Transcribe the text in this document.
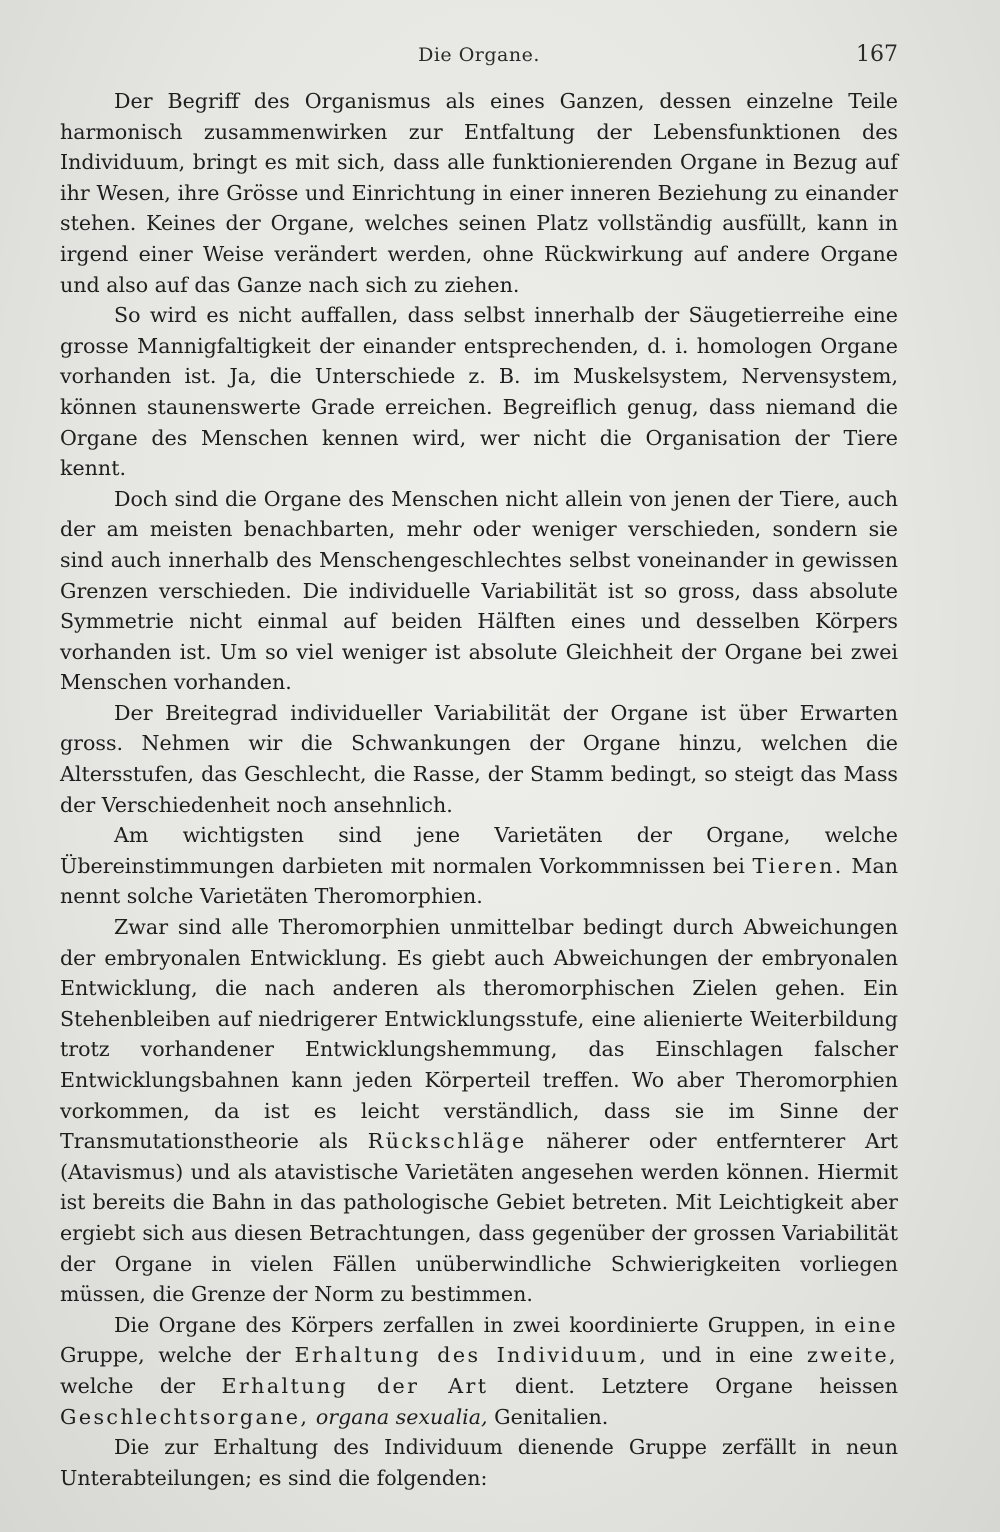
Die Organe.	167

Der Begriff des Organismus als eines Ganzen, dessen einzelne Teile harmonisch zusammenwirken zur Entfaltung der Lebensfunktionen des Individuum, bringt es mit sich, dass alle funktionierenden Organe in Bezug auf ihr Wesen, ihre Grösse und Einrichtung in einer inneren Beziehung zu einander stehen. Keines der Organe, welches seinen Platz vollständig ausfüllt, kann in irgend einer Weise verändert werden, ohne Rückwirkung auf andere Organe und also auf das Ganze nach sich zu ziehen.

So wird es nicht auffallen, dass selbst innerhalb der Säugetierreihe eine grosse Mannigfaltigkeit der einander entsprechenden, d. i. homologen Organe vorhanden ist. Ja, die Unterschiede z. B. im Muskelsystem, Nervensystem, können staunenswerte Grade erreichen. Begreiflich genug, dass niemand die Organe des Menschen kennen wird, wer nicht die Organisation der Tiere kennt.

Doch sind die Organe des Menschen nicht allein von jenen der Tiere, auch der am meisten benachbarten, mehr oder weniger verschieden, sondern sie sind auch innerhalb des Menschengeschlechtes selbst voneinander in gewissen Grenzen verschieden. Die individuelle Variabilität ist so gross, dass absolute Symmetrie nicht einmal auf beiden Hälften eines und desselben Körpers vorhanden ist. Um so viel weniger ist absolute Gleichheit der Organe bei zwei Menschen vorhanden.

Der Breitegrad individueller Variabilität der Organe ist über Erwarten gross. Nehmen wir die Schwankungen der Organe hinzu, welchen die Altersstufen, das Geschlecht, die Rasse, der Stamm bedingt, so steigt das Mass der Verschiedenheit noch ansehnlich.

Am wichtigsten sind jene Varietäten der Organe, welche Übereinstimmungen darbieten mit normalen Vorkommnissen bei Tieren. Man nennt solche Varietäten Theromorphien.

Zwar sind alle Theromorphien unmittelbar bedingt durch Abweichungen der embryonalen Entwicklung. Es giebt auch Abweichungen der embryonalen Entwicklung, die nach anderen als theromorphischen Zielen gehen. Ein Stehenbleiben auf niedrigerer Entwicklungsstufe, eine alienierte Weiterbildung trotz vorhandener Entwicklungshemmung, das Einschlagen falscher Entwicklungsbahnen kann jeden Körperteil treffen. Wo aber Theromorphien vorkommen, da ist es leicht verständlich, dass sie im Sinne der Transmutationstheorie als Rückschläge näherer oder entfernterer Art (Atavismus) und als atavistische Varietäten angesehen werden können. Hiermit ist bereits die Bahn in das pathologische Gebiet betreten. Mit Leichtigkeit aber ergiebt sich aus diesen Betrachtungen, dass gegenüber der grossen Variabilität der Organe in vielen Fällen unüberwindliche Schwierigkeiten vorliegen müssen, die Grenze der Norm zu bestimmen.

Die Organe des Körpers zerfallen in zwei koordinierte Gruppen, in eine Gruppe, welche der Erhaltung des Individuum, und in eine zweite, welche der Erhaltung der Art dient. Letztere Organe heissen Geschlechtsorgane, organa sexualia, Genitalien.

Die zur Erhaltung des Individuum dienende Gruppe zerfällt in neun Unterabteilungen; es sind die folgenden:
